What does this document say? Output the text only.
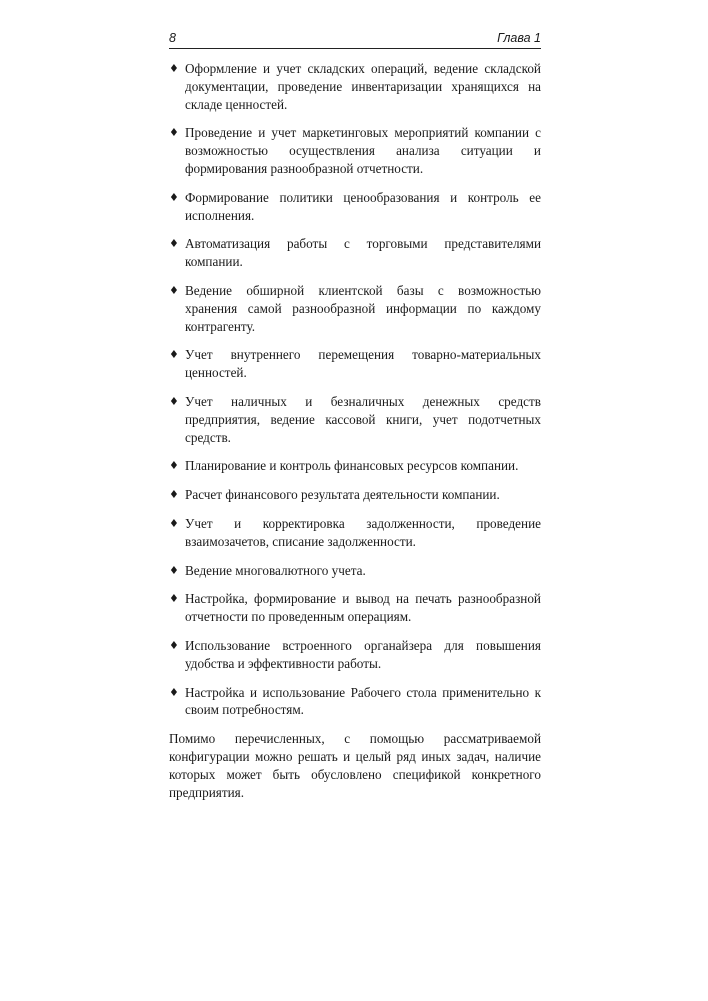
8	Глава 1
♦ Оформление и учет складских операций, ведение складской документации, проведение инвентаризации хранящихся на складе ценностей.
♦ Проведение и учет маркетинговых мероприятий компании с возможностью осуществления анализа ситуации и формирования разнообразной отчетности.
♦ Формирование политики ценообразования и контроль ее исполнения.
♦ Автоматизация работы с торговыми представителями компании.
♦ Ведение обширной клиентской базы с возможностью хранения самой разнообразной информации по каждому контрагенту.
♦ Учет внутреннего перемещения товарно-материальных ценностей.
♦ Учет наличных и безналичных денежных средств предприятия, ведение кассовой книги, учет подотчетных средств.
♦ Планирование и контроль финансовых ресурсов компании.
♦ Расчет финансового результата деятельности компании.
♦ Учет и корректировка задолженности, проведение взаимозачетов, списание задолженности.
♦ Ведение многовалютного учета.
♦ Настройка, формирование и вывод на печать разнообразной отчетности по проведенным операциям.
♦ Использование встроенного органайзера для повышения удобства и эффективности работы.
♦ Настройка и использование Рабочего стола применительно к своим потребностям.

Помимо перечисленных, с помощью рассматриваемой конфигурации можно решать и целый ряд иных задач, наличие которых может быть обусловлено спецификой конкретного предприятия.
